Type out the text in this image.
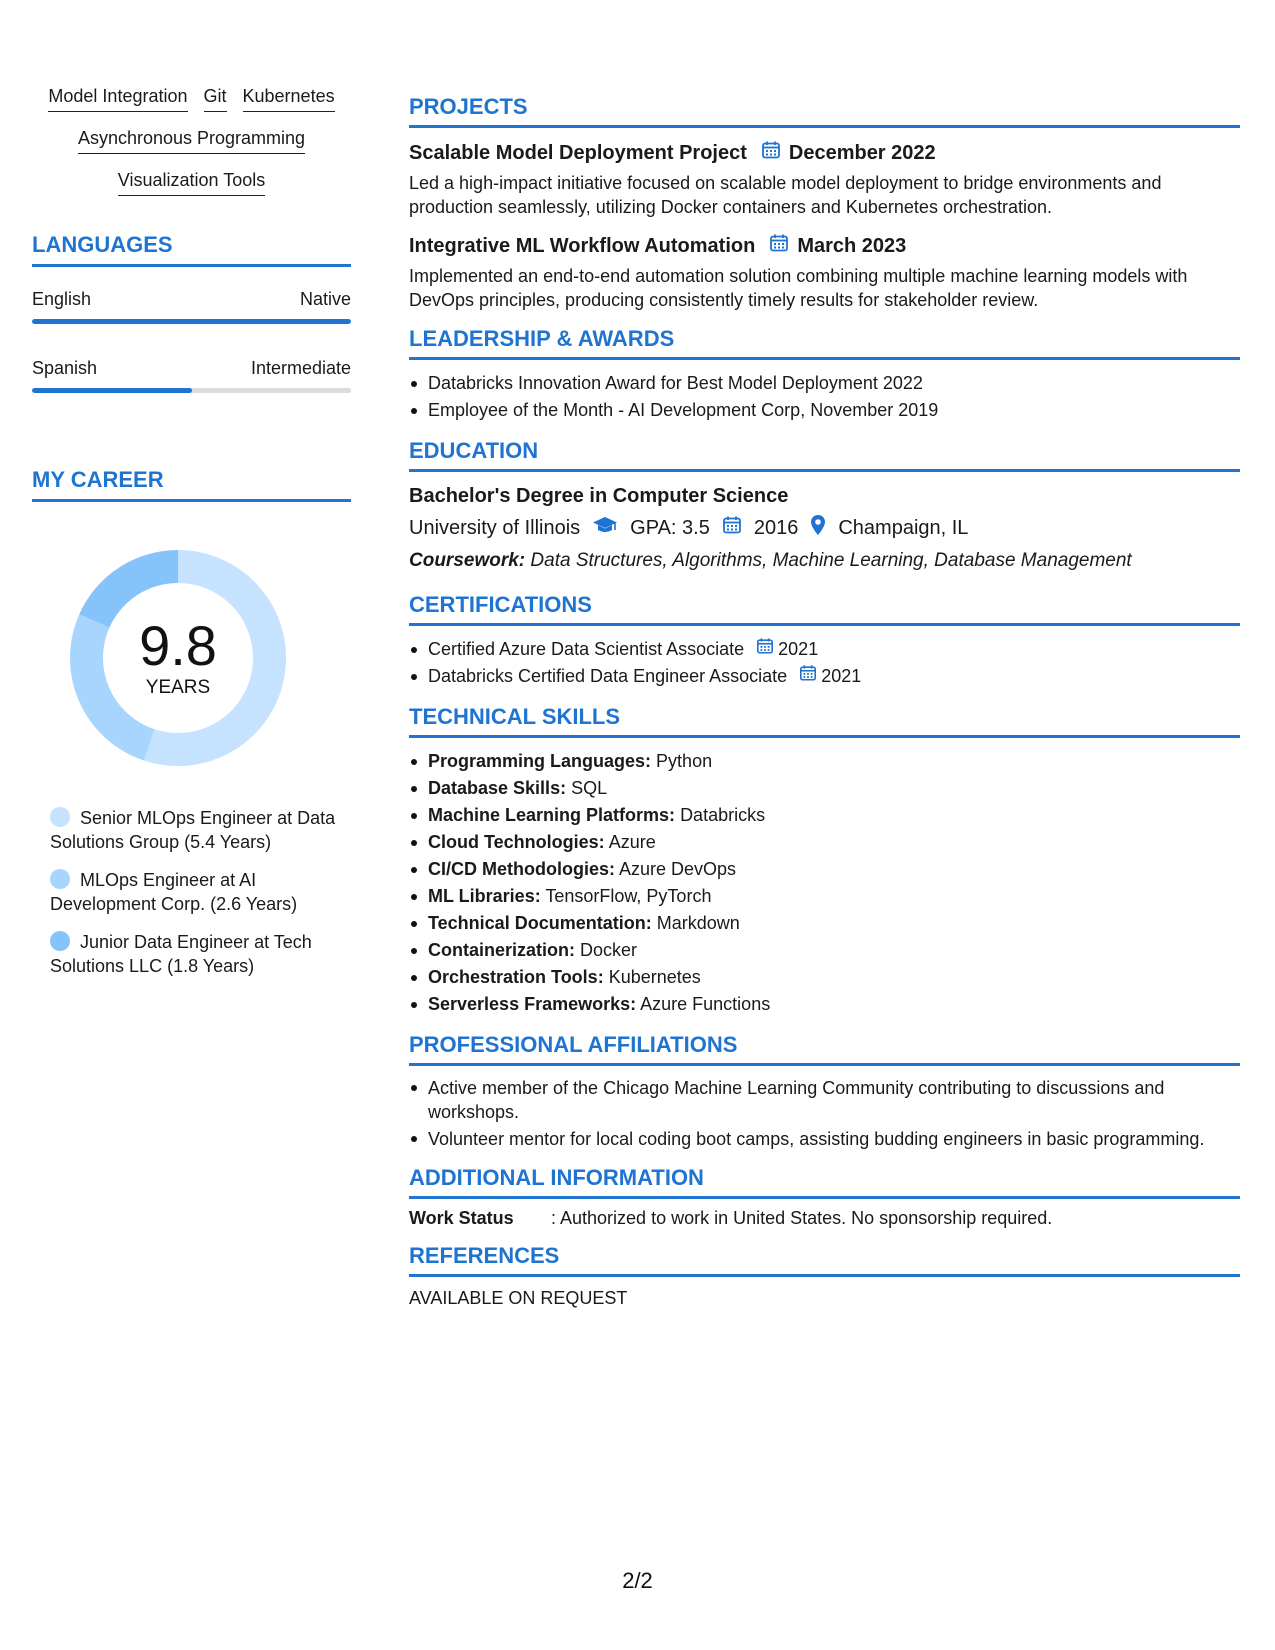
Model Integration Git Kubernetes
Asynchronous Programming
Visualization Tools
LANGUAGES
English	Native
Spanish	Intermediate
MY CAREER
9.8
YEARS
Senior MLOps Engineer at Data Solutions Group (5.4 Years)
MLOps Engineer at AI Development Corp. (2.6 Years)
Junior Data Engineer at Tech Solutions LLC (1.8 Years)
PROJECTS
Scalable Model Deployment Project December 2022
Led a high-impact initiative focused on scalable model deployment to bridge environments and production seamlessly, utilizing Docker containers and Kubernetes orchestration.
Integrative ML Workflow Automation March 2023
Implemented an end-to-end automation solution combining multiple machine learning models with DevOps principles, producing consistently timely results for stakeholder review.
LEADERSHIP & AWARDS
Databricks Innovation Award for Best Model Deployment 2022
Employee of the Month - AI Development Corp, November 2019
EDUCATION
Bachelor's Degree in Computer Science
University of Illinois	GPA: 3.5 2016 Champaign, IL
Coursework: Data Structures, Algorithms, Machine Learning, Database Management
CERTIFICATIONS
Certified Azure Data Scientist Associate 2021
Databricks Certified Data Engineer Associate 2021
TECHNICAL SKILLS
Programming Languages: Python
Database Skills: SQL
Machine Learning Platforms: Databricks
Cloud Technologies: Azure
CI/CD Methodologies: Azure DevOps
ML Libraries: TensorFlow, PyTorch
Technical Documentation: Markdown
Containerization: Docker
Orchestration Tools: Kubernetes
Serverless Frameworks: Azure Functions
PROFESSIONAL AFFILIATIONS
Active member of the Chicago Machine Learning Community contributing to discussions and workshops.
Volunteer mentor for local coding boot camps, assisting budding engineers in basic programming.
ADDITIONAL INFORMATION
Work Status	: Authorized to work in United States. No sponsorship required.
REFERENCES
AVAILABLE ON REQUEST
2/2
